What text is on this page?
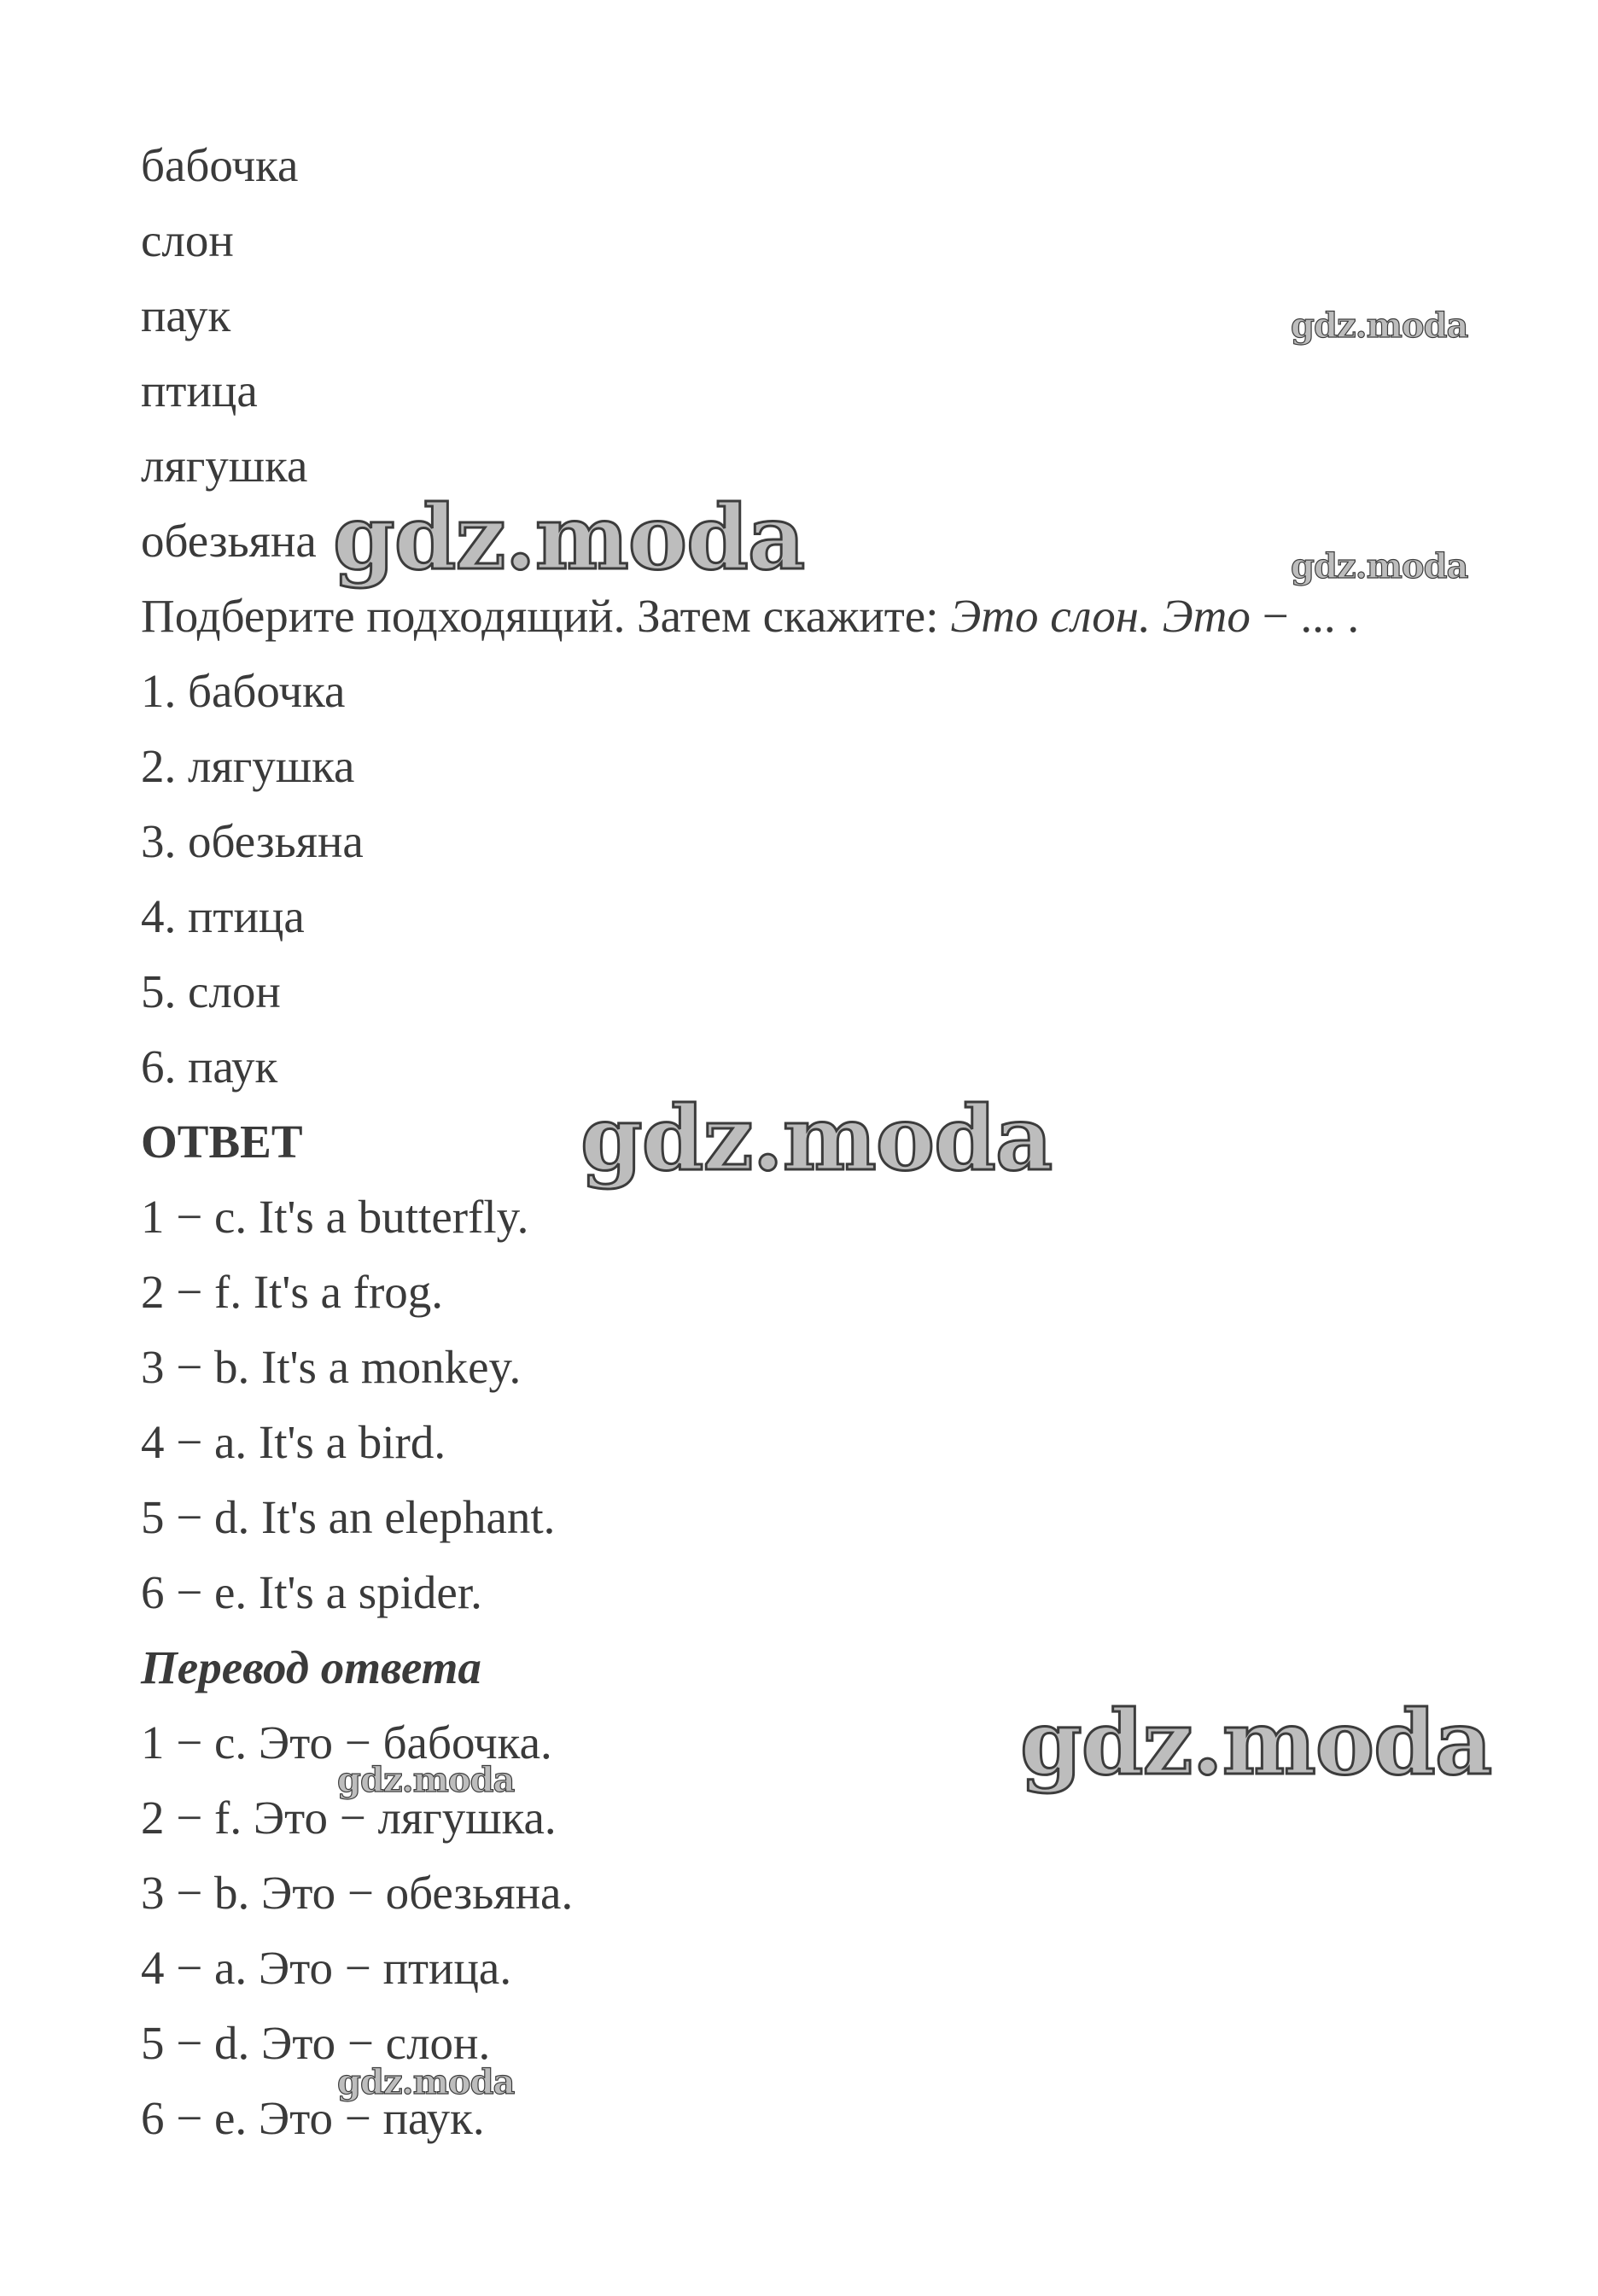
бабочка
слон
паук
птица
лягушка
обезьяна
Подберите подходящий. Затем скажите: Это слон. Это − ... .
1. бабочка
2. лягушка
3. обезьяна
4. птица
5. слон
6. паук
ОТВЕТ
1 − c. It's a butterfly.
2 − f. It's a frog.
3 − b. It's a monkey.
4 − a. It's a bird.
5 − d. It's an elephant.
6 − e. It's a spider.
Перевод ответа
1 − c. Это − бабочка.
2 − f. Это − лягушка.
3 − b. Это − обезьяна.
4 − a. Это − птица.
5 − d. Это − слон.
6 − e. Это − паук.
gdz.moda
gdz.moda	gdz.moda
gdz.moda
gdz.moda
gdz.moda
gdz.moda
